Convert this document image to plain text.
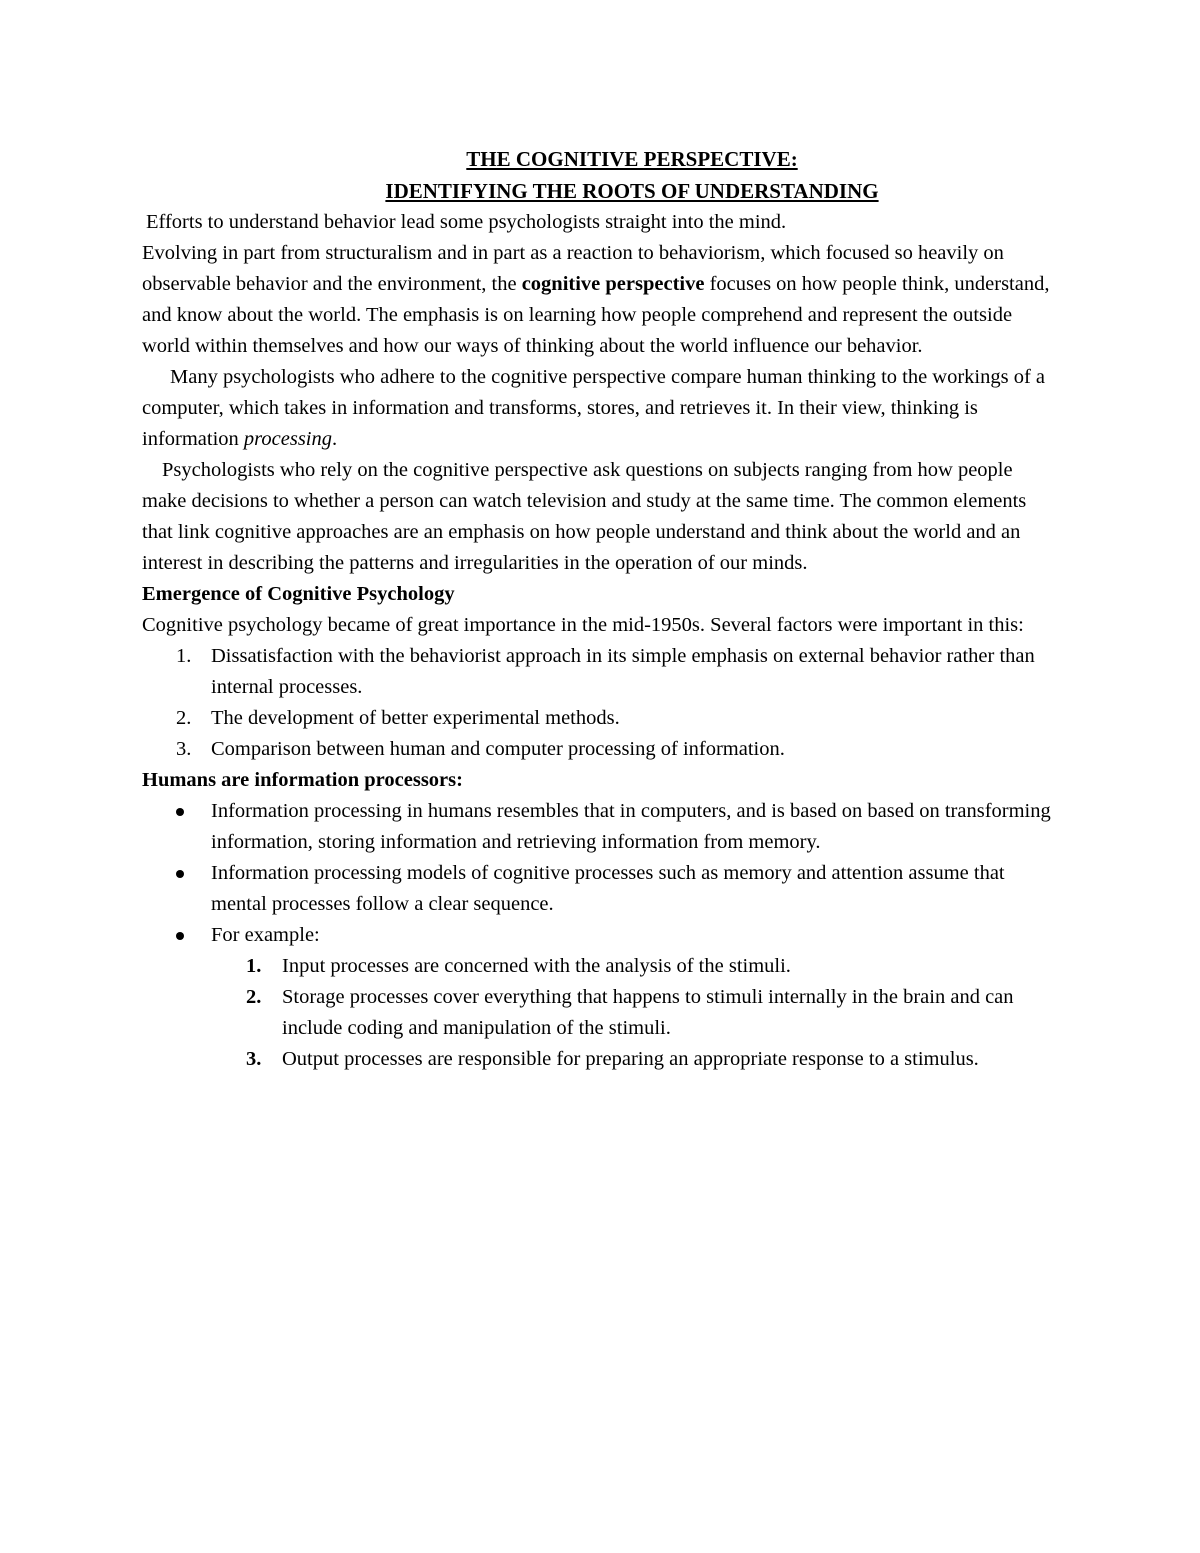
THE COGNITIVE PERSPECTIVE:
IDENTIFYING THE ROOTS OF UNDERSTANDING

Efforts to understand behavior lead some psychologists straight into the mind.

Evolving in part from structuralism and in part as a reaction to behaviorism, which focused so heavily on observable behavior and the environment, the cognitive perspective focuses on how people think, understand, and know about the world. The emphasis is on learning how people comprehend and represent the outside world within themselves and how our ways of thinking about the world influence our behavior.

Many psychologists who adhere to the cognitive perspective compare human thinking to the workings of a computer, which takes in information and transforms, stores, and retrieves it. In their view, thinking is information processing.

Psychologists who rely on the cognitive perspective ask questions on subjects ranging from how people make decisions to whether a person can watch television and study at the same time. The common elements that link cognitive approaches are an emphasis on how people understand and think about the world and an interest in describing the patterns and irregularities in the operation of our minds.

Emergence of Cognitive Psychology

Cognitive psychology became of great importance in the mid-1950s. Several factors were important in this:

1. Dissatisfaction with the behaviorist approach in its simple emphasis on external behavior rather than internal processes.
2. The development of better experimental methods.
3. Comparison between human and computer processing of information.
Humans are information processors:
Information processing in humans resembles that in computers, and is based on based on transforming information, storing information and retrieving information from memory.
Information processing models of cognitive processes such as memory and attention assume that mental processes follow a clear sequence.
For example:
1. Input processes are concerned with the analysis of the stimuli.
2. Storage processes cover everything that happens to stimuli internally in the brain and can include coding and manipulation of the stimuli.
3. Output processes are responsible for preparing an appropriate response to a stimulus.
